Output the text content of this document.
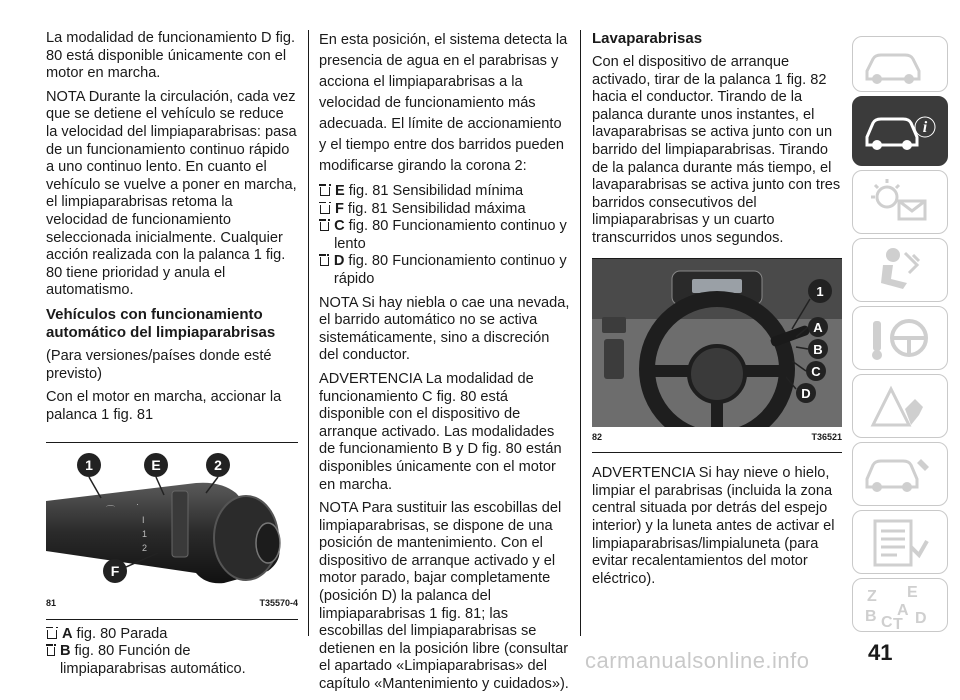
La modalidad de funcionamiento D fig. 80 está disponible únicamente con el motor en marcha.

NOTA Durante la circulación, cada vez que se detiene el vehículo se reduce la velocidad del limpiaparabrisas: pasa de un funcionamiento continuo rápido a uno continuo lento. En cuanto el vehículo se vuelve a poner en marcha, el limpiaparabrisas retoma la velocidad de funcionamiento seleccionada inicialmente. Cualquier acción realizada con la palanca 1 fig. 80 tiene prioridad y anula el automatismo.

Vehículos con funcionamiento automático del limpiaparabrisas

(Para versiones/países donde esté previsto)

Con el motor en marcha, accionar la palanca 1 fig. 81

⌒
·
I
1
2
1	E	2
F
81	T35570-4
A fig. 80 Parada
B fig. 80 Función de limpiaparabrisas automático.

En esta posición, el sistema detecta la presencia de agua en el parabrisas y acciona el limpiaparabrisas a la velocidad de funcionamiento más adecuada. El límite de accionamiento y el tiempo entre dos barridos pueden modificarse girando la corona 2:

E fig. 81 Sensibilidad mínima
F fig. 81 Sensibilidad máxima
C fig. 80 Funcionamiento continuo y lento
D fig. 80 Funcionamiento continuo y rápido

NOTA Si hay niebla o cae una nevada, el barrido automático no se activa sistemáticamente, sino a discreción del conductor.

ADVERTENCIA La modalidad de funcionamiento C fig. 80 está disponible con el dispositivo de arranque activado. Las modalidades de funcionamiento B y D fig. 80 están disponibles únicamente con el motor en marcha.

NOTA Para sustituir las escobillas del limpiaparabrisas, se dispone de una posición de mantenimiento. Con el dispositivo de arranque activado y el motor parado, bajar completamente (posición D) la palanca del limpiaparabrisas 1 fig. 81; las escobillas del limpiaparabrisas se detienen en la posición libre (consultar el apartado «Limpiaparabrisas» del capítulo «Mantenimiento y cuidados»).

Lavaparabrisas

Con el dispositivo de arranque activado, tirar de la palanca 1 fig. 82 hacia el conductor. Tirando de la palanca durante unos instantes, el lavaparabrisas se activa junto con un barrido del limpiaparabrisas. Tirando de la palanca durante más tiempo, el lavaparabrisas se activa junto con tres barridos consecutivos del limpiaparabrisas y un cuarto transcurridos unos segundos.

1
A
B
C
D
82	T36521

ADVERTENCIA Si hay nieve o hielo, limpiar el parabrisas (incluida la zona central situada por detrás del espejo interior) y la luneta antes de activar el limpiaparabrisas/limpialuneta (para evitar recalentamientos del motor eléctrico).

i
Z E
B A
C T D
41
carmanualsonline.info
